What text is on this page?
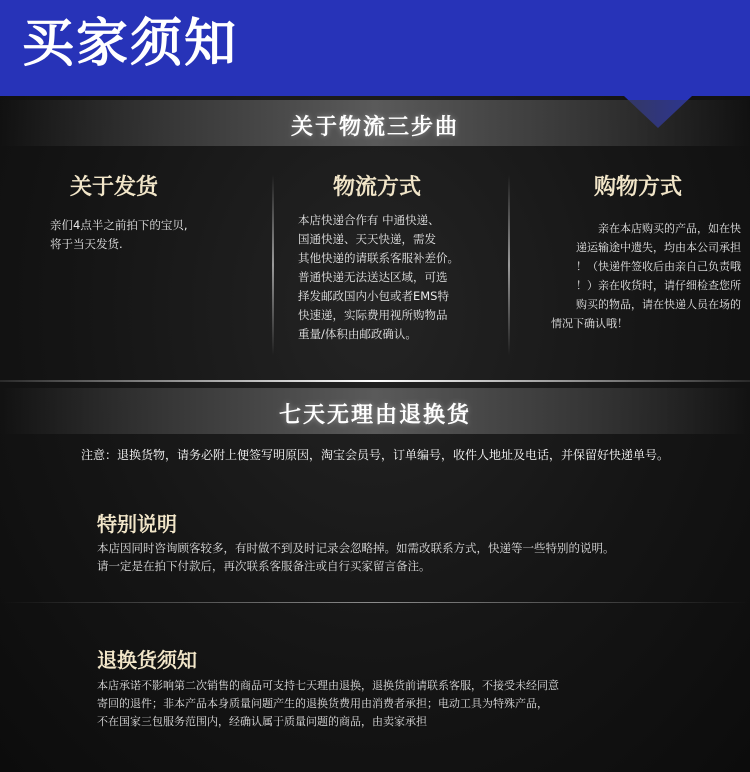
买家须知
关于物流三步曲
关于发货
亲们4点半之前拍下的宝贝,
将于当天发货.
物流方式
本店快递合作有 中通快递、
国通快递、天天快递，需发
其他快递的请联系客服补差价。
普通快递无法送达区域，可选
择发邮政国内小包或者EMS特
快速递，实际费用视所购物品
重量/体积由邮政确认。
购物方式
亲在本店购买的产品，如在快
递运输途中遗失，均由本公司承担
！（快递件签收后由亲自己负责哦
！）亲在收货时，请仔细检查您所
购买的物品，请在快递人员在场的
情况下确认哦！
七天无理由退换货
注意：退换货物，请务必附上便签写明原因，淘宝会员号，订单编号，收件人地址及电话，并保留好快递单号。
特别说明
本店因同时咨询顾客较多，有时做不到及时记录会忽略掉。如需改联系方式，快递等一些特别的说明。
请一定是在拍下付款后，再次联系客服备注或自行买家留言备注。
退换货须知
本店承诺不影响第二次销售的商品可支持七天理由退换，退换货前请联系客服，不接受未经同意
寄回的退件；非本产品本身质量问题产生的退换货费用由消费者承担；电动工具为特殊产品，
不在国家三包服务范围内，经确认属于质量问题的商品，由卖家承担
